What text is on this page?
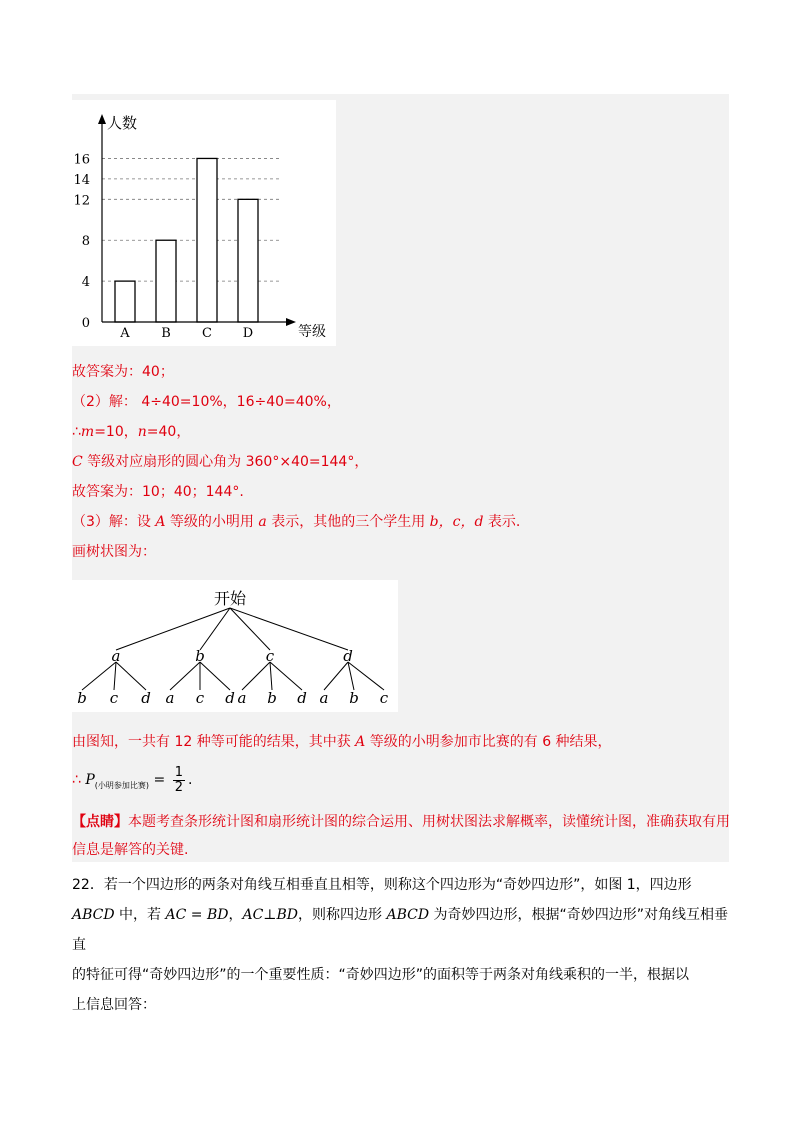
0
4
8
12
14
16
A B C D
人数
等级
故答案为：40；
（2）解： 4÷40=10%，16÷40=40%，
∴m=10，n=40，
C 等级对应扇形的圆心角为 360°×40=144°，
故答案为：10；40；144°.
（3）解：设 A 等级的小明用 a 表示，其他的三个学生用 b，c，d 表示.
画树状图为：
开始
a	b	c	d
b c d a c d a b d a b c
由图知，一共有 12 种等可能的结果，其中获 A 等级的小明参加市比赛的有 6 种结果，
∴ $P_{(小明参加比赛)} = \frac{1}{2}$ .
【点睛】本题考查条形统计图和扇形统计图的综合运用、用树状图法求解概率，读懂统计图，准确获取有用信息是解答的关键.
22．若一个四边形的两条对角线互相垂直且相等，则称这个四边形为“奇妙四边形”，如图 1，四边形
ABCD 中，若 AC = BD，AC⊥BD，则称四边形 ABCD 为奇妙四边形，根据“奇妙四边形”对角线互相垂直
的特征可得“奇妙四边形”的一个重要性质：“奇妙四边形”的面积等于两条对角线乘积的一半，根据以
上信息回答：
